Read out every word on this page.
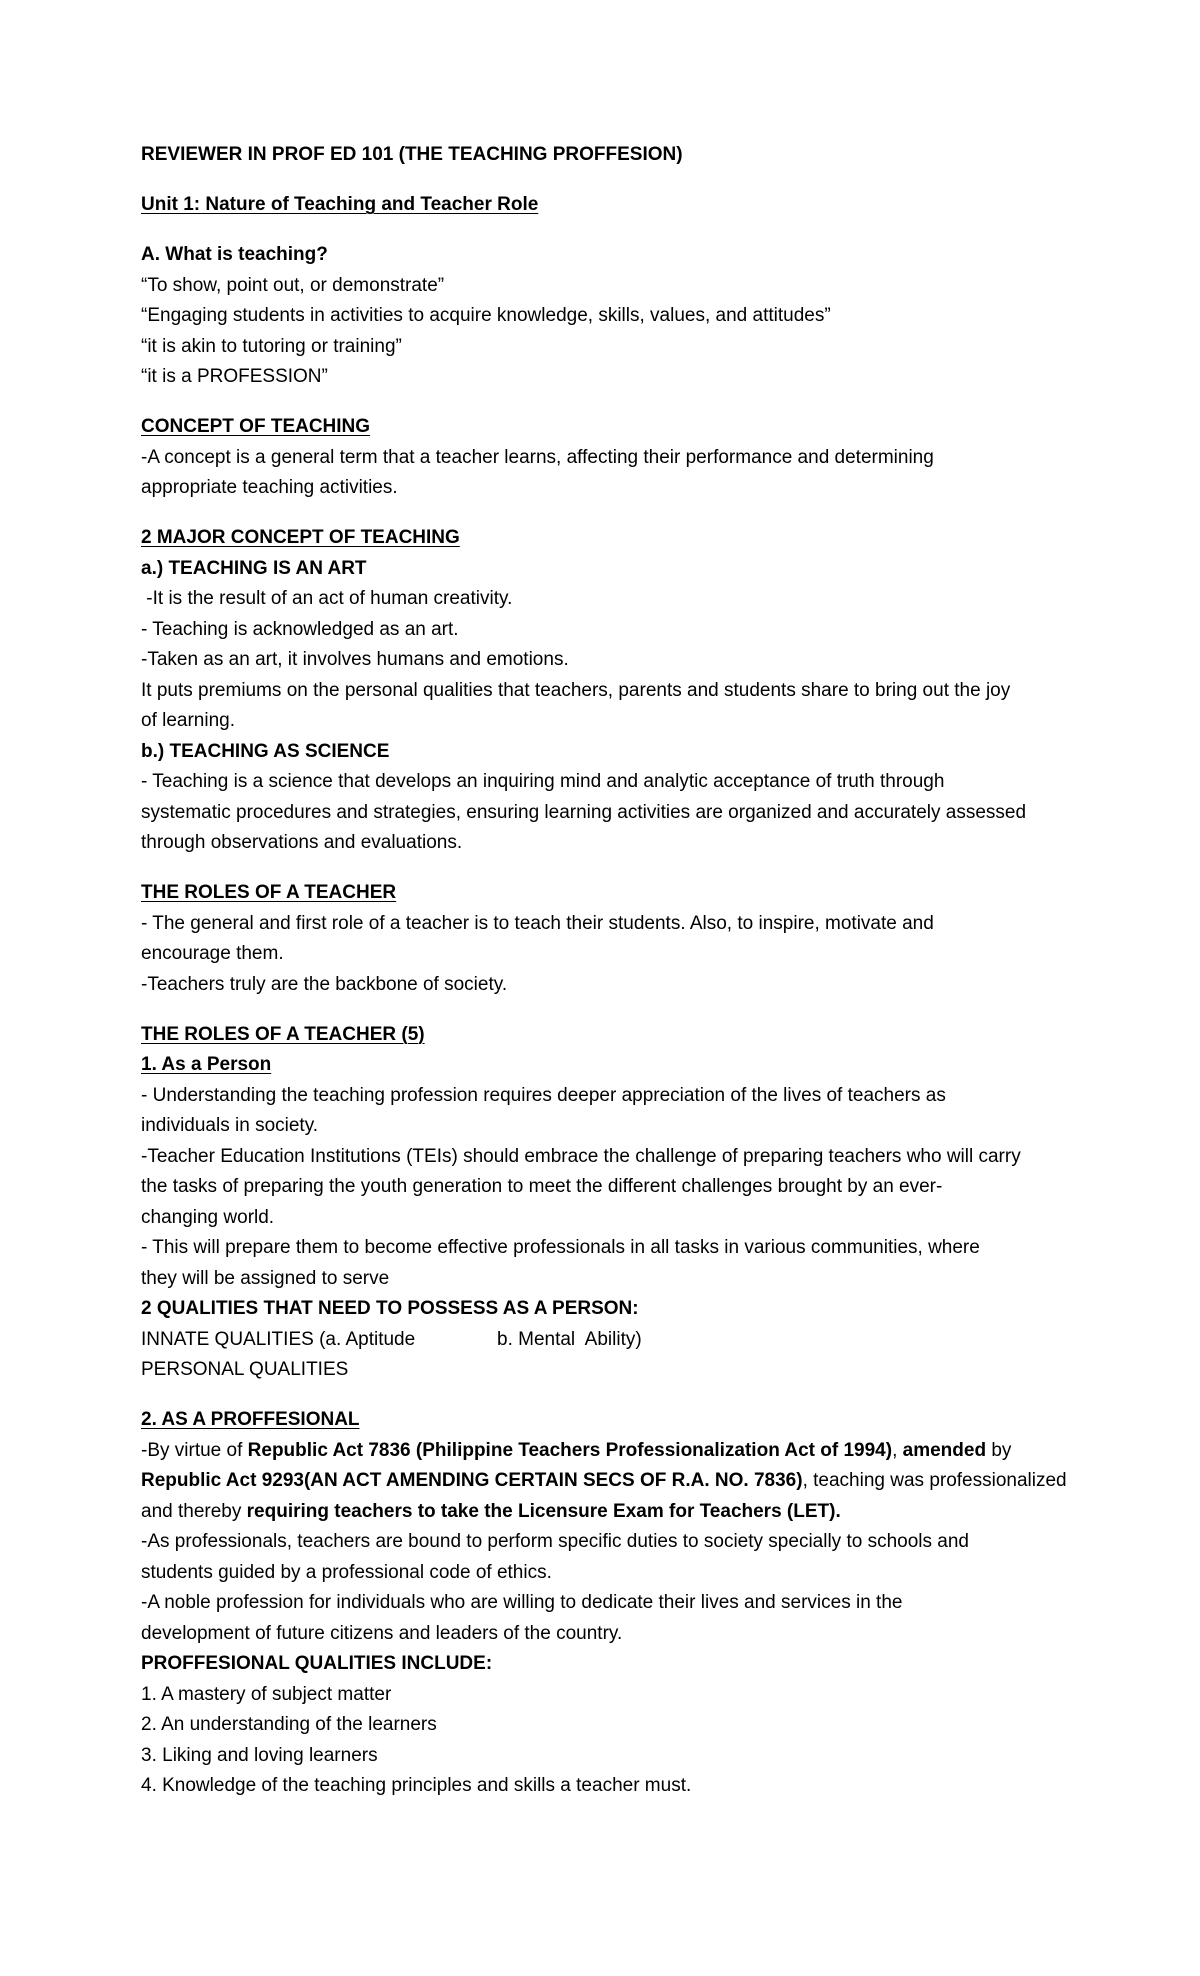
REVIEWER IN PROF ED 101 (THE TEACHING PROFFESION)
Unit 1: Nature of Teaching and Teacher Role
A. What is teaching?
“To show, point out, or demonstrate”
“Engaging students in activities to acquire knowledge, skills, values, and attitudes”
“it is akin to tutoring or training”
“it is a PROFESSION”
CONCEPT OF TEACHING
-A concept is a general term that a teacher learns, affecting their performance and determining
appropriate teaching activities.
2 MAJOR CONCEPT OF TEACHING
a.) TEACHING IS AN ART
-It is the result of an act of human creativity.
- Teaching is acknowledged as an art.
-Taken as an art, it involves humans and emotions.
It puts premiums on the personal qualities that teachers, parents and students share to bring out the joy
of learning.
b.) TEACHING AS SCIENCE
- Teaching is a science that develops an inquiring mind and analytic acceptance of truth through
systematic procedures and strategies, ensuring learning activities are organized and accurately assessed
through observations and evaluations.
THE ROLES OF A TEACHER
- The general and first role of a teacher is to teach their students. Also, to inspire, motivate and
encourage them.
-Teachers truly are the backbone of society.
THE ROLES OF A TEACHER (5)
1. As a Person
- Understanding the teaching profession requires deeper appreciation of the lives of teachers as
individuals in society.
-Teacher Education Institutions (TEIs) should embrace the challenge of preparing teachers who will carry
the tasks of preparing the youth generation to meet the different challenges brought by an ever-
changing world.
- This will prepare them to become effective professionals in all tasks in various communities, where
they will be assigned to serve
2 QUALITIES THAT NEED TO POSSESS AS A PERSON:
INNATE QUALITIES (a. Aptitude	b. Mental  Ability)
PERSONAL QUALITIES
2. AS A PROFFESIONAL
-By virtue of Republic Act 7836 (Philippine Teachers Professionalization Act of 1994), amended by
Republic Act 9293(AN ACT AMENDING CERTAIN SECS OF R.A. NO. 7836), teaching was professionalized
and thereby requiring teachers to take the Licensure Exam for Teachers (LET).
-As professionals, teachers are bound to perform specific duties to society specially to schools and
students guided by a professional code of ethics.
-A noble profession for individuals who are willing to dedicate their lives and services in the
development of future citizens and leaders of the country.
PROFFESIONAL QUALITIES INCLUDE:
1. A mastery of subject matter
2. An understanding of the learners
3. Liking and loving learners
4. Knowledge of the teaching principles and skills a teacher must.
